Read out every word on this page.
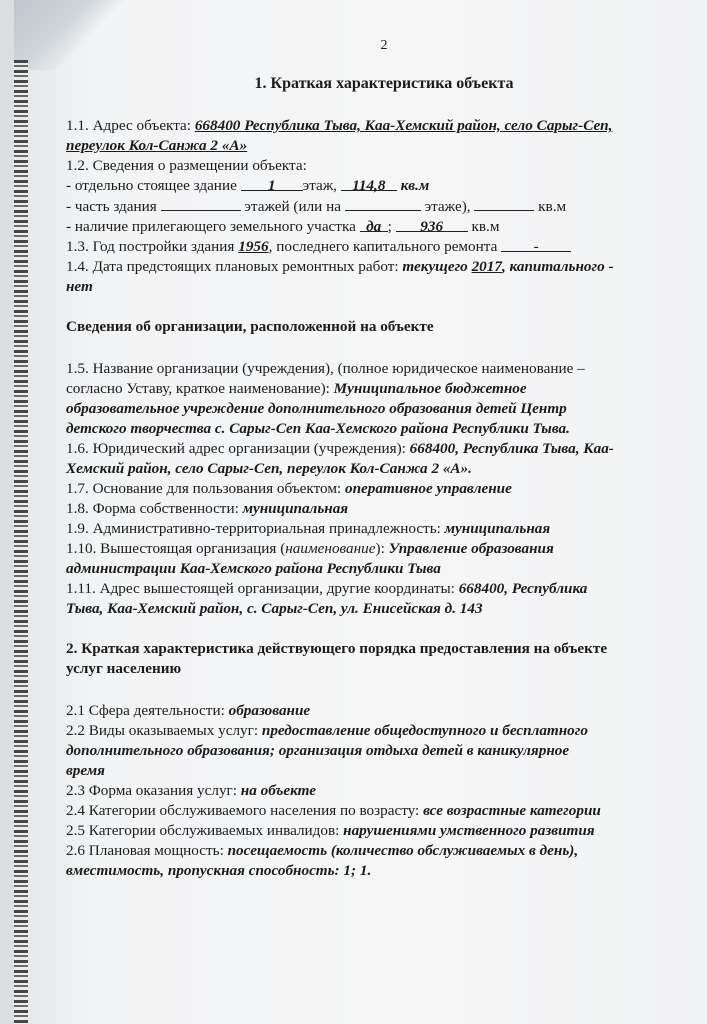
2
1. Краткая характеристика объекта
1.1. Адрес объекта: 668400 Республика Тыва, Каа-Хемский район, село Сарыг-Сеп,
переулок Кол-Санжа 2 «А»
1.2. Сведения о размещении объекта:
- отдельно стоящее здание 1 этаж, 114,8 кв.м
- часть здания	этажей (или на	этаже),	кв.м
- наличие прилегающего земельного участка да ; 936 кв.м
1.3. Год постройки здания 1956, последнего капитального ремонта -
1.4. Дата предстоящих плановых ремонтных работ: текущего 2017, капитального -
нет
Сведения об организации, расположенной на объекте
1.5. Название организации (учреждения), (полное юридическое наименование –
согласно Уставу, краткое наименование): Муниципальное бюджетное
образовательное учреждение дополнительного образования детей Центр
детского творчества с. Сарыг-Сеп Каа-Хемского района Республики Тыва.
1.6. Юридический адрес организации (учреждения): 668400, Республика Тыва, Каа-
Хемский район, село Сарыг-Сеп, переулок Кол-Санжа 2 «А».
1.7. Основание для пользования объектом: оперативное управление
1.8. Форма собственности: муниципальная
1.9. Административно-территориальная принадлежность: муниципальная
1.10. Вышестоящая организация (наименование): Управление образования
администрации Каа-Хемского района Республики Тыва
1.11. Адрес вышестоящей организации, другие координаты: 668400, Республика
Тыва, Каа-Хемский район, с. Сарыг-Сеп, ул. Енисейская д. 143
2. Краткая характеристика действующего порядка предоставления на объекте
услуг населению
2.1 Сфера деятельности: образование
2.2 Виды оказываемых услуг: предоставление общедоступного и бесплатного
дополнительного образования; организация отдыха детей в каникулярное
время
2.3 Форма оказания услуг: на объекте
2.4 Категории обслуживаемого населения по возрасту: все возрастные категории
2.5 Категории обслуживаемых инвалидов: нарушениями умственного развития
2.6 Плановая мощность: посещаемость (количество обслуживаемых в день),
вместимость, пропускная способность: 1; 1.
